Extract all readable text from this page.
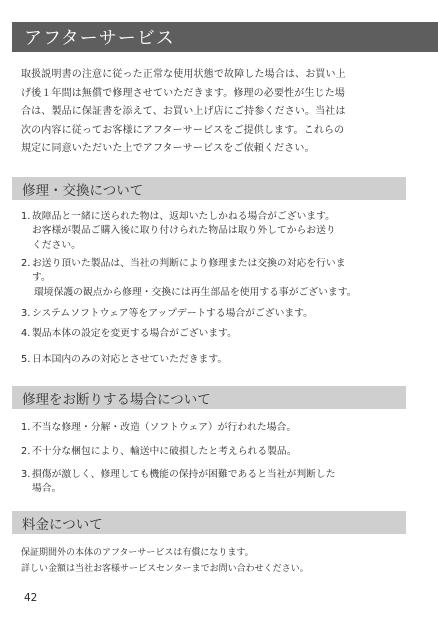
アフターサービス

取扱説明書の注意に従った正常な使用状態で故障した場合は、お買い上

げ後１年間は無償で修理させていただきます。修理の必要性が生じた場

合は、製品に保証書を添えて、お買い上げ店にご持参ください。当社は

次の内容に従ってお客様にアフターサービスをご提供します。これらの

規定に同意いただいた上でアフターサービスをご依頼ください。

修理・交換について
1. 故障品と一緒に送られた物は、返却いたしかねる場合がございます。
お客様が製品ご購入後に取り付けられた物品は取り外してからお送り
ください。
2. お送り頂いた製品は、当社の判断により修理または交換の対応を行いま
す。
環境保護の観点から修理・交換には再生部品を使用する事がございます。
3. システムソフトウェア等をアップデートする場合がございます。
4. 製品本体の設定を変更する場合がございます。
5. 日本国内のみの対応とさせていただきます。
修理をお断りする場合について
1. 不当な修理・分解・改造（ソフトウェア）が行われた場合。
2. 不十分な梱包により、輸送中に破損したと考えられる製品。
3. 損傷が激しく、修理しても機能の保持が困難であると当社が判断した
場合。
料金について

保証期間外の本体のアフターサービスは有償になります。

詳しい金額は当社お客様サービスセンターまでお問い合わせください。

42
